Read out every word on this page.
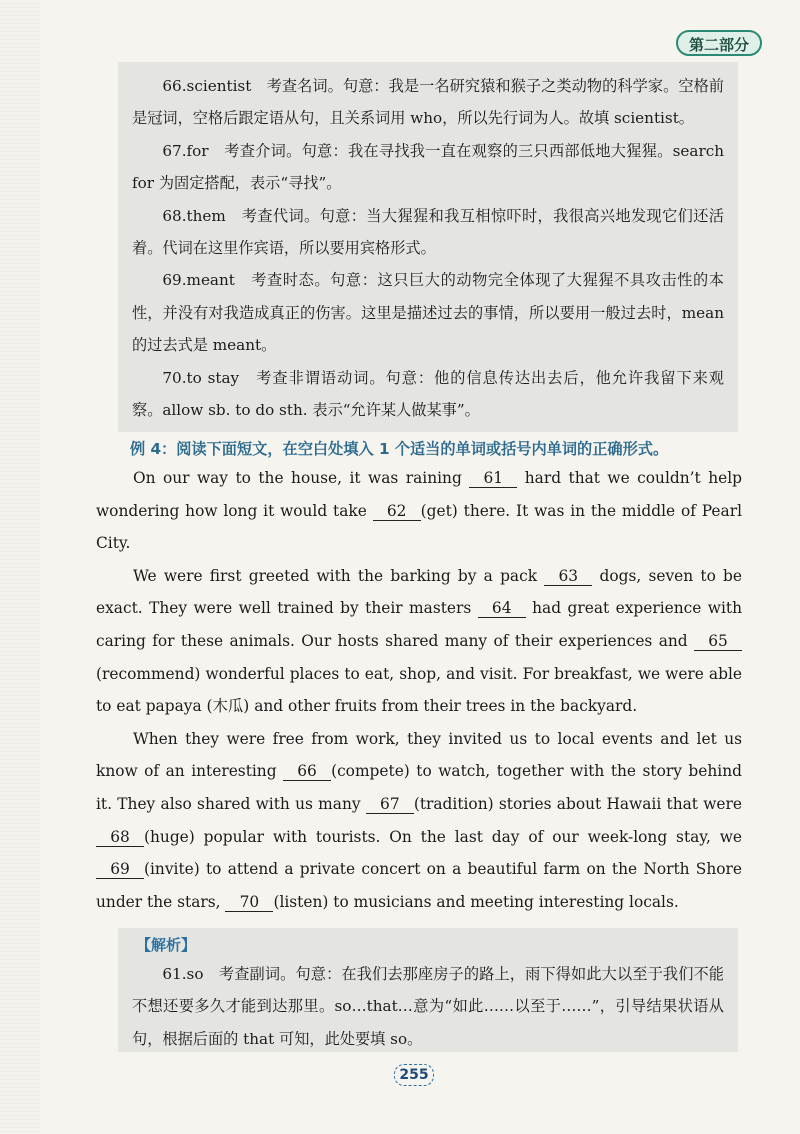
第二部分

66.scientist　考查名词。句意：我是一名研究猿和猴子之类动物的科学家。空格前是冠词，空格后跟定语从句，且关系词用 who，所以先行词为人。故填 scientist。

67.for　考查介词。句意：我在寻找我一直在观察的三只西部低地大猩猩。search for 为固定搭配，表示“寻找”。

68.them　考查代词。句意：当大猩猩和我互相惊吓时，我很高兴地发现它们还活着。代词在这里作宾语，所以要用宾格形式。

69.meant　考查时态。句意：这只巨大的动物完全体现了大猩猩不具攻击性的本性，并没有对我造成真正的伤害。这里是描述过去的事情，所以要用一般过去时，mean 的过去式是 meant。

70.to stay　考查非谓语动词。句意：他的信息传达出去后，他允许我留下来观察。allow sb. to do sth. 表示“允许某人做某事”。

例 4：阅读下面短文，在空白处填入 1 个适当的单词或括号内单词的正确形式。

On our way to the house, it was raining 61 hard that we couldn’t help wondering how long it would take 62 (get) there. It was in the middle of Pearl City.

We were first greeted with the barking by a pack 63 dogs, seven to be exact. They were well trained by their masters 64 had great experience with caring for these animals. Our hosts shared many of their experiences and 65(recommend) wonderful places to eat, shop, and visit. For breakfast, we were able to eat papaya (木瓜) and other fruits from their trees in the backyard.

When they were free from work, they invited us to local events and let us know of an interesting 66 (compete) to watch, together with the story behind it. They also shared with us many 67 (tradition) stories about Hawaii that were 68 (huge) popular with tourists. On the last day of our week-long stay, we 69 (invite) to attend a private concert on a beautiful farm on the North Shore under the stars, 70 (listen) to musicians and meeting interesting locals.

【解析】

61.so　考查副词。句意：在我们去那座房子的路上，雨下得如此大以至于我们不能不想还要多久才能到达那里。so…that…意为“如此……以至于……”，引导结果状语从句，根据后面的 that 可知，此处要填 so。

255
